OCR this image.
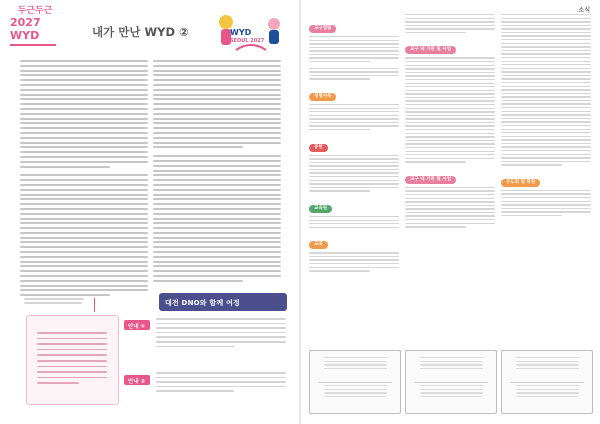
두근두근
2027 WYD	내가 만난 WYD ②	WYD
SEOUL 2027
대전 DNO와 함께 여정
안내 ①
안내 ②
소식
교구열림
생명사목
봉헌
교육원
교육
교구 내 기관 및 사업
교구 내 기관 및 사업
수도회 및 학원
